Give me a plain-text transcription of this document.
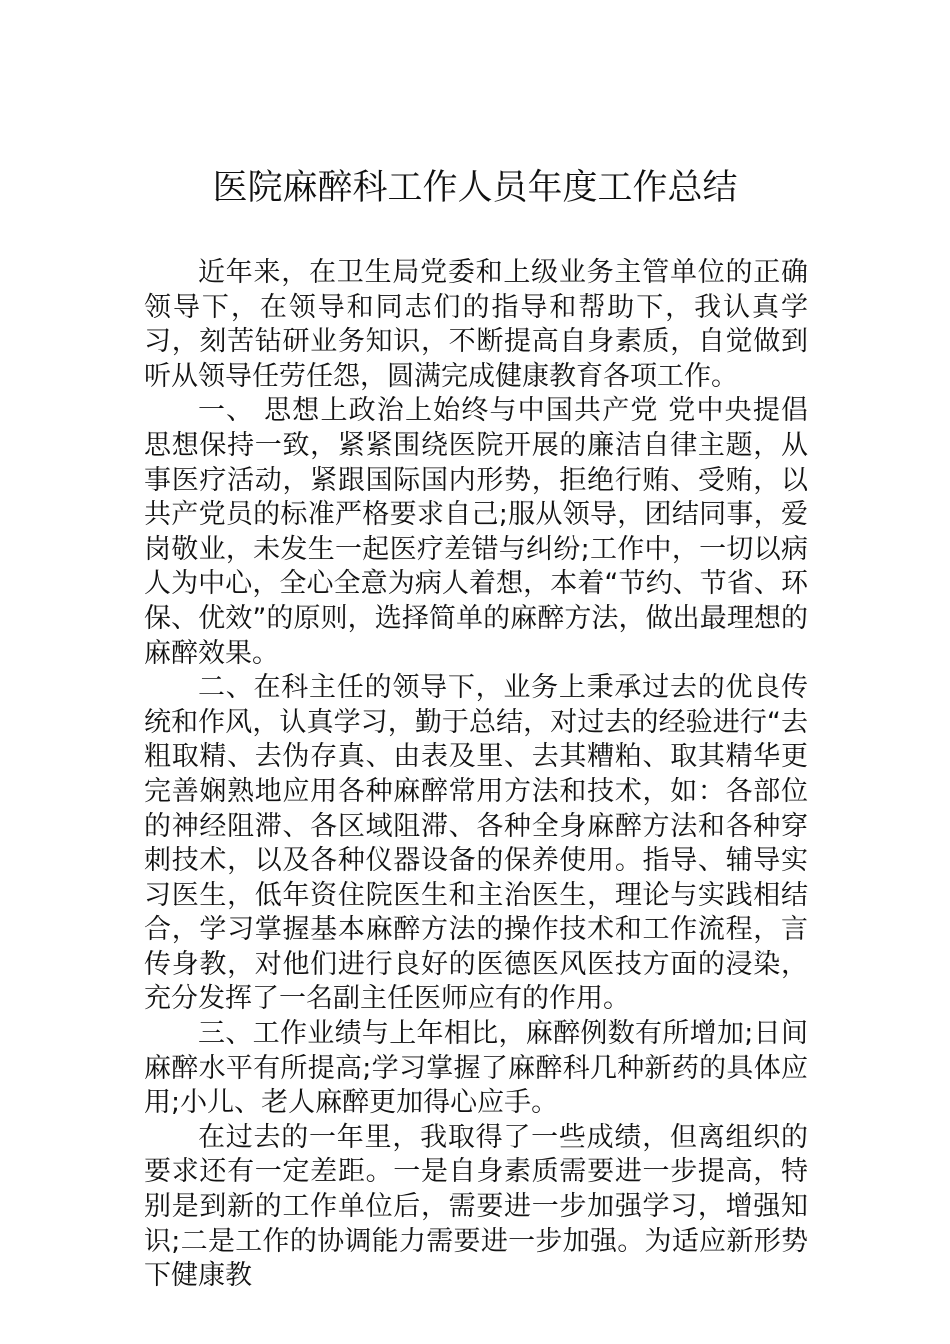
医院麻醉科工作人员年度工作总结

近年来，在卫生局党委和上级业务主管单位的正确领导下，在领导和同志们的指导和帮助下，我认真学习，刻苦钻研业务知识，不断提高自身素质，自觉做到听从领导任劳任怨，圆满完成健康教育各项工作。

一、 思想上政治上始终与中国共产党 党中央提倡思想保持一致，紧紧围绕医院开展的廉洁自律主题，从事医疗活动，紧跟国际国内形势，拒绝行贿、受贿，以共产党员的标准严格要求自己;服从领导，团结同事，爱岗敬业，未发生一起医疗差错与纠纷;工作中，一切以病人为中心，全心全意为病人着想，本着“节约、节省、环保、优效”的原则，选择简单的麻醉方法，做出最理想的麻醉效果。

二、在科主任的领导下，业务上秉承过去的优良传统和作风，认真学习，勤于总结，对过去的经验进行“去粗取精、去伪存真、由表及里、去其糟粕、取其精华更完善娴熟地应用各种麻醉常用方法和技术，如：各部位的神经阻滞、各区域阻滞、各种全身麻醉方法和各种穿刺技术，以及各种仪器设备的保养使用。指导、辅导实习医生，低年资住院医生和主治医生，理论与实践相结合，学习掌握基本麻醉方法的操作技术和工作流程，言传身教，对他们进行良好的医德医风医技方面的浸染，充分发挥了一名副主任医师应有的作用。

三、工作业绩与上年相比，麻醉例数有所增加;日间麻醉水平有所提高;学习掌握了麻醉科几种新药的具体应用;小儿、老人麻醉更加得心应手。

在过去的一年里，我取得了一些成绩，但离组织的要求还有一定差距。一是自身素质需要进一步提高，特别是到新的工作单位后，需要进一步加强学习，增强知识;二是工作的协调能力需要进一步加强。为适应新形势下健康教
